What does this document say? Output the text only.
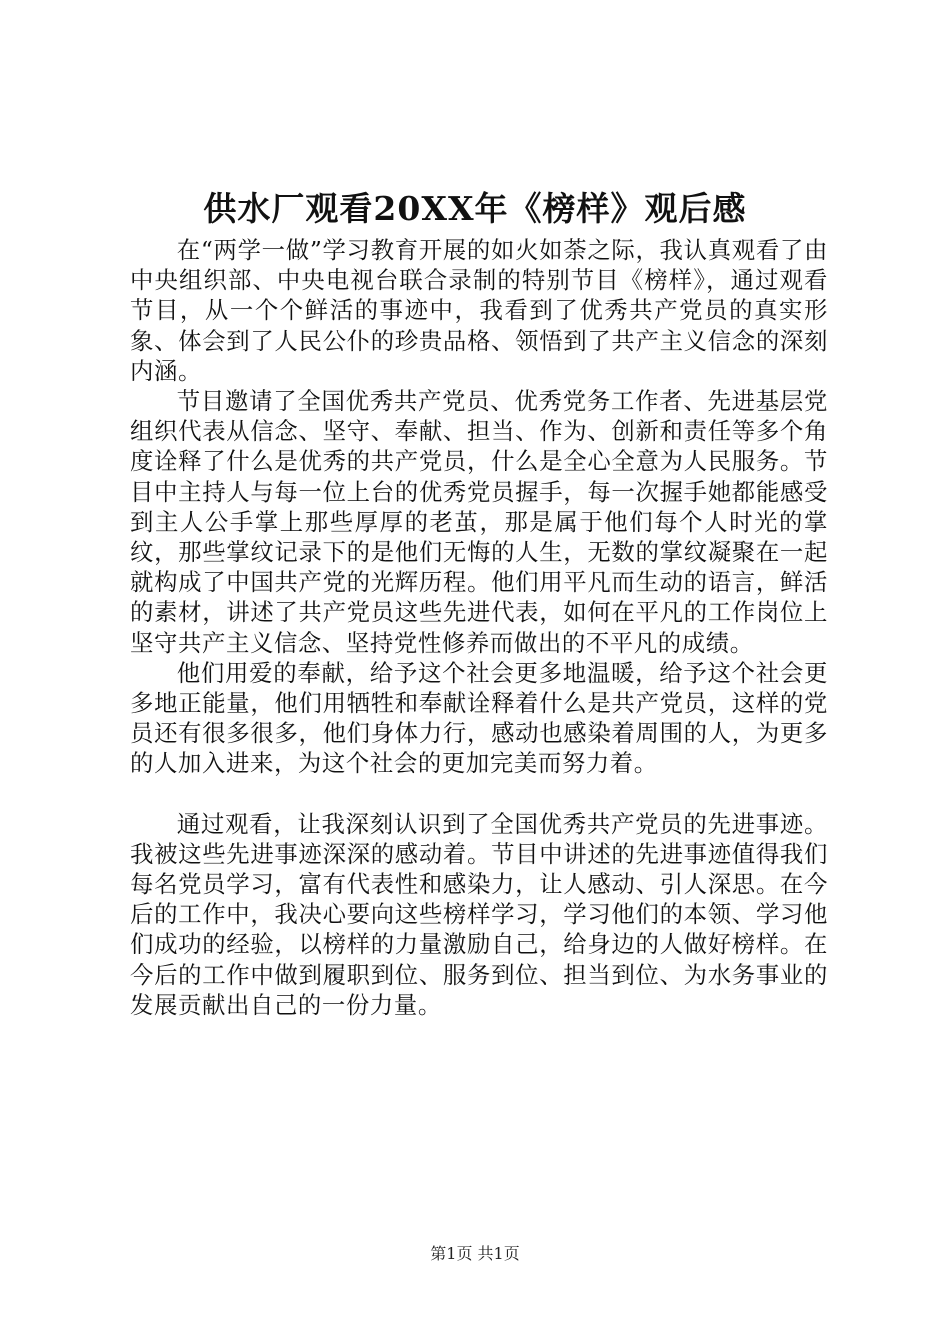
供水厂观看20XX年《榜样》观后感

在“两学一做”学习教育开展的如火如荼之际，我认真观看了由中央组织部、中央电视台联合录制的特别节目《榜样》，通过观看节目，从一个个鲜活的事迹中，我看到了优秀共产党员的真实形象、体会到了人民公仆的珍贵品格、领悟到了共产主义信念的深刻内涵。

节目邀请了全国优秀共产党员、优秀党务工作者、先进基层党组织代表从信念、坚守、奉献、担当、作为、创新和责任等多个角度诠释了什么是优秀的共产党员，什么是全心全意为人民服务。节目中主持人与每一位上台的优秀党员握手，每一次握手她都能感受到主人公手掌上那些厚厚的老茧，那是属于他们每个人时光的掌纹，那些掌纹记录下的是他们无悔的人生，无数的掌纹凝聚在一起就构成了中国共产党的光辉历程。他们用平凡而生动的语言，鲜活的素材，讲述了共产党员这些先进代表，如何在平凡的工作岗位上坚守共产主义信念、坚持党性修养而做出的不平凡的成绩。

他们用爱的奉献，给予这个社会更多地温暖，给予这个社会更多地正能量，他们用牺牲和奉献诠释着什么是共产党员，这样的党员还有很多很多，他们身体力行，感动也感染着周围的人，为更多的人加入进来，为这个社会的更加完美而努力着。

通过观看，让我深刻认识到了全国优秀共产党员的先进事迹。我被这些先进事迹深深的感动着。节目中讲述的先进事迹值得我们每名党员学习，富有代表性和感染力，让人感动、引人深思。在今后的工作中，我决心要向这些榜样学习，学习他们的本领、学习他们成功的经验，以榜样的力量激励自己，给身边的人做好榜样。在今后的工作中做到履职到位、服务到位、担当到位、为水务事业的发展贡献出自己的一份力量。

第1页 共1页
